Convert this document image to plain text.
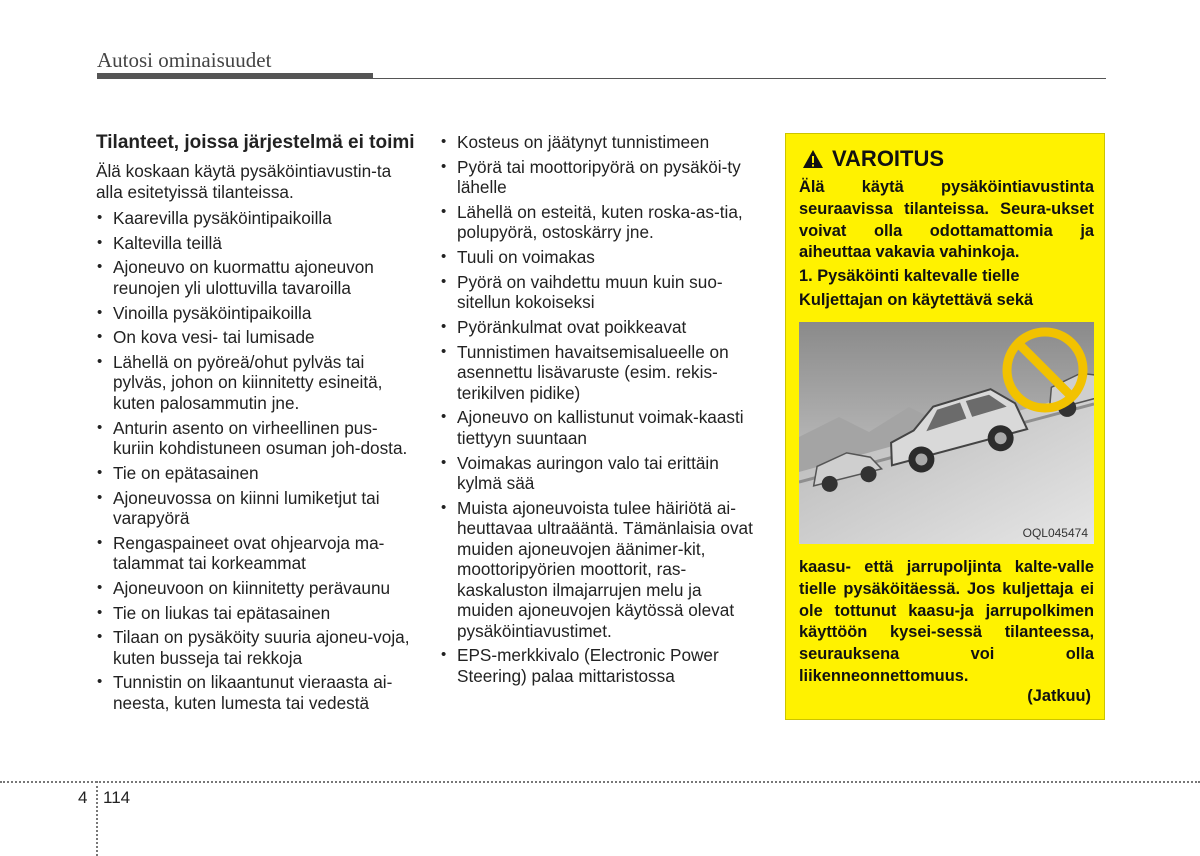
Autosi ominaisuudet
Tilanteet, joissa järjestelmä ei toimi

Älä koskaan käytä pysäköintiavustin-ta alla esitetyissä tilanteissa.

• Kaarevilla pysäköintipaikoilla
• Kaltevilla teillä
• Ajoneuvo on kuormattu ajoneuvon reunojen yli ulottuvilla tavaroilla
• Vinoilla pysäköintipaikoilla
• On kova vesi- tai lumisade
• Lähellä on pyöreä/ohut pylväs tai pylväs, johon on kiinnitetty esineitä, kuten palosammutin jne.
• Anturin asento on virheellinen pus-kuriin kohdistuneen osuman joh-dosta.
• Tie on epätasainen
• Ajoneuvossa on kiinni lumiketjut tai varapyörä
• Rengaspaineet ovat ohjearvoja ma-talammat tai korkeammat
• Ajoneuvoon on kiinnitetty perävaunu
• Tie on liukas tai epätasainen
• Tilaan on pysäköity suuria ajoneu-voja, kuten busseja tai rekkoja
• Tunnistin on likaantunut vieraasta ai-neesta, kuten lumesta tai vedestä
• Kosteus on jäätynyt tunnistimeen
• Pyörä tai moottoripyörä on pysäköi-ty lähelle
• Lähellä on esteitä, kuten roska-as-tia, polupyörä, ostoskärry jne.
• Tuuli on voimakas
• Pyörä on vaihdettu muun kuin suo-sitellun kokoiseksi
• Pyöränkulmat ovat poikkeavat
• Tunnistimen havaitsemisalueelle on asennettu lisävaruste (esim. rekis-terikilven pidike)
• Ajoneuvo on kallistunut voimak-kaasti tiettyyn suuntaan
• Voimakas auringon valo tai erittäin kylmä sää
• Muista ajoneuvoista tulee häiriötä ai-heuttavaa ultraääntä. Tämänlaisia ovat muiden ajoneuvojen äänimer-kit, moottoripyörien moottorit, ras-kaskaluston ilmajarrujen melu ja muiden ajoneuvojen käytössä olevat pysäköintiavustimet.
• EPS-merkkivalo (Electronic Power Steering) palaa mittaristossa
VAROITUS

Älä käytä pysäköintiavustinta seuraavissa tilanteissa. Seura-ukset voivat olla odottamattomia ja aiheuttaa vakavia vahinkoja.

1. Pysäköinti kaltevalle tielle

Kuljettajan on käytettävä sekä

OQL045474

kaasu- että jarrupoljinta kalte-valle tielle pysäköitäessä. Jos kuljettaja ei ole tottunut kaasu-ja jarrupolkimen käyttöön kysei-sessä tilanteessa, seurauksena voi olla liikenneonnettomuus.

(Jatkuu)
4 114
